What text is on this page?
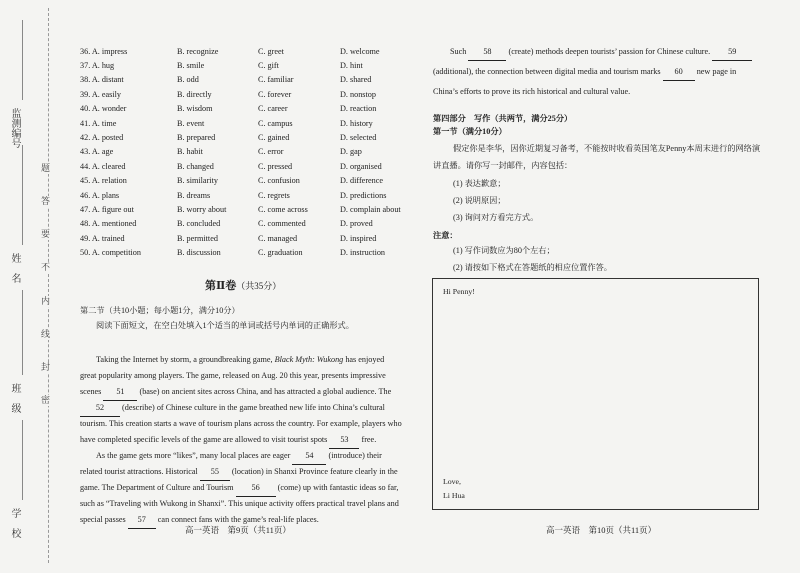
监测编号
姓　名
班　级
学　校
题
答
要
不
内
线
封
密
36. A. impress	B. recognize	C. greet	D. welcome
37. A. hug	B. smile	C. gift	D. hint
38. A. distant	B. odd	C. familiar	D. shared
39. A. easily	B. directly	C. forever	D. nonstop
40. A. wonder	B. wisdom	C. career	D. reaction
41. A. time	B. event	C. campus	D. history
42. A. posted	B. prepared	C. gained	D. selected
43. A. age	B. habit	C. error	D. gap
44. A. cleared	B. changed	C. pressed	D. organised
45. A. relation	B. similarity	C. confusion	D. difference
46. A. plans	B. dreams	C. regrets	D. predictions
47. A. figure out	B. worry about	C. come across	D. complain about
48. A. mentioned	B. concluded	C. commented	D. proved
49. A. trained	B. permitted	C. managed	D. inspired
50. A. competition	B. discussion	C. graduation	D. instruction
第Ⅱ卷（共35分）
第二节（共10小题；每小题1分，满分10分）
阅读下面短文，在空白处填入1个适当的单词或括号内单词的正确形式。
Taking the Internet by storm, a groundbreaking game, Black Myth: Wukong has enjoyed
great popularity among players. The game, released on Aug. 20 this year, presents impressive
scenes 51 (base) on ancient sites across China, and has attracted a global audience. The
52 (describe) of Chinese culture in the game breathed new life into China’s cultural
tourism. This creation starts a wave of tourism plans across the country. For example, players who
have completed specific levels of the game are allowed to visit tourist spots 53 free.
As the game gets more “likes”, many local places are eager 54 (introduce) their
related tourist attractions. Historical 55 (location) in Shanxi Province feature clearly in the
game. The Department of Culture and Tourism 56 (come) up with fantastic ideas so far,
such as “Traveling with Wukong in Shanxi”. This unique activity offers practical travel plans and
special passes 57 can connect fans with the game’s real-life places.
Such 58 (create) methods deepen tourists’ passion for Chinese culture. 59
(additional), the connection between digital media and tourism marks 60 new page in
China’s efforts to prove its rich historical and cultural value.
第四部分　写作（共两节，满分25分）
第一节（满分10分）
假定你是李华，因你近期复习备考，不能按时收看英国笔友Penny本周末进行的网络演
讲直播。请你写一封邮件，内容包括：
(1) 表达歉意；
(2) 说明原因；
(3) 询问对方看完方式。
注意：
(1) 写作词数应为80个左右；
(2) 请按如下格式在答题纸的相应位置作答。
Hi Penny!
Love,
Li Hua
高一英语　第9页（共11页）	高一英语　第10页（共11页）
